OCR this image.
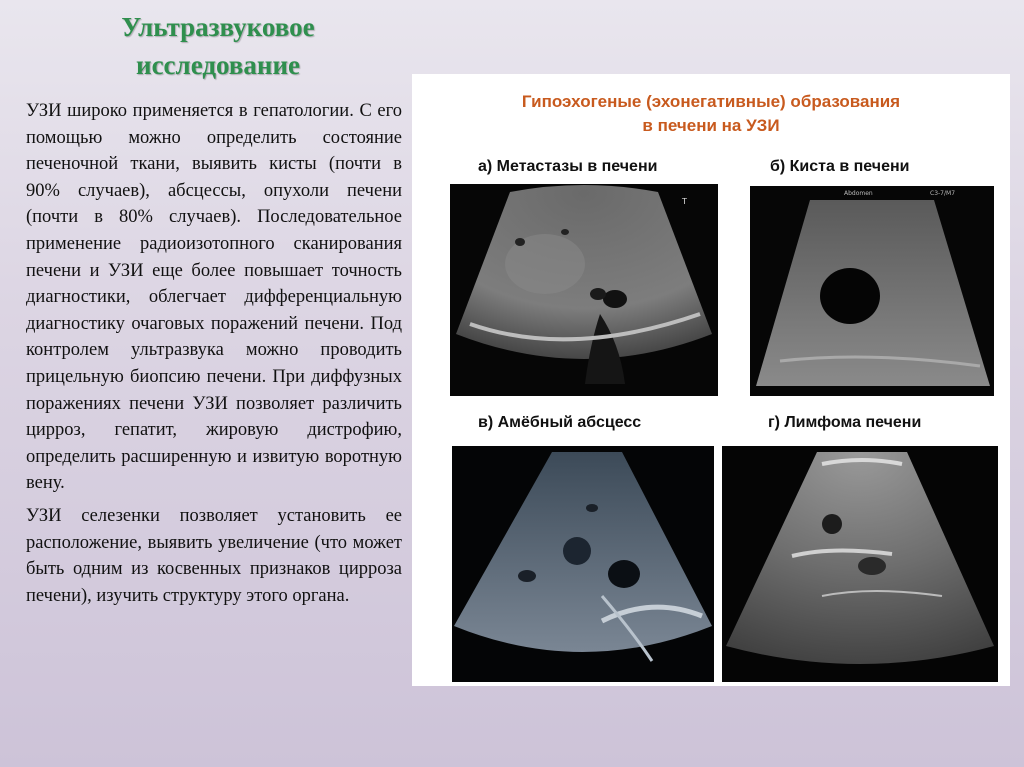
Ультразвуковое
исследование

УЗИ широко применяется в гепатологии. С его помощью можно определить состояние печеночной ткани, выявить кисты (почти в 90% случаев), абсцессы, опухоли печени (почти в 80% случаев). Последовательное применение радиоизотопного сканирования печени и УЗИ еще более повышает точность диагностики, облегчает дифференциальную диагностику очаговых поражений печени. Под контролем ультразвука можно проводить прицельную биопсию печени. При диффузных поражениях печени УЗИ позволяет различить цирроз, гепатит, жировую дистрофию, определить расширенную и извитую воротную вену.

УЗИ селезенки позволяет установить ее расположение, выявить увеличение (что может быть одним из косвенных признаков цирроза печени), изучить структуру этого органа.

Гипоэхогеные (эхонегативные) образования
в печени на УЗИ
а) Метастазы в печени
T
б) Киста в печени
Abdomen	C3-7/M7
в) Амёбный абсцесс	г) Лимфома печени
